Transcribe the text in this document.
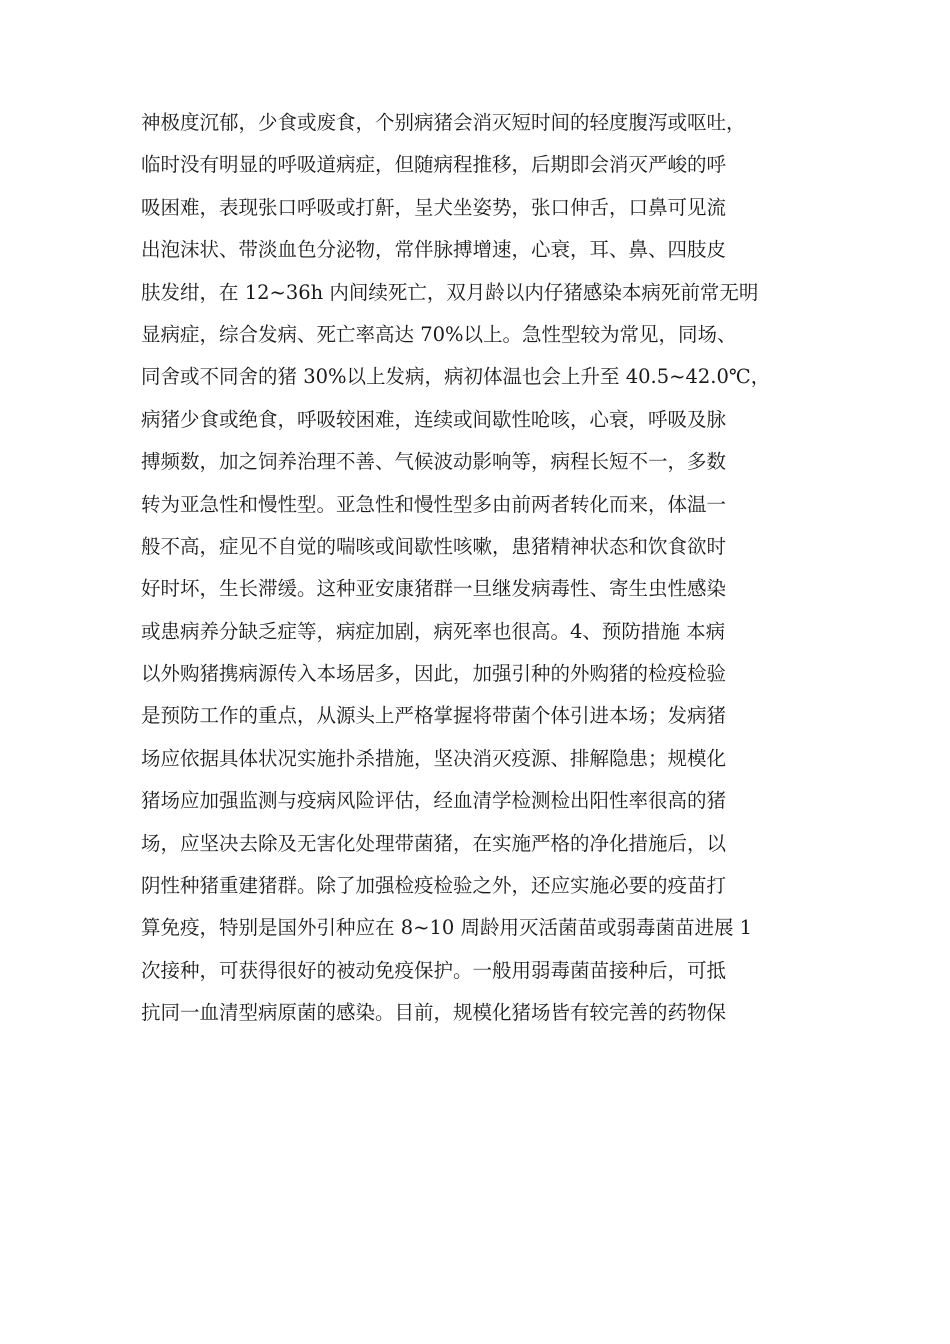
神极度沉郁，少食或废食，个别病猪会消灭短时间的轻度腹泻或呕吐，
临时没有明显的呼吸道病症，但随病程推移，后期即会消灭严峻的呼
吸困难，表现张口呼吸或打鼾，呈犬坐姿势，张口伸舌，口鼻可见流
出泡沫状、带淡血色分泌物，常伴脉搏增速，心衰，耳、鼻、四肢皮
肤发绀，在 12~36h 内间续死亡，双月龄以内仔猪感染本病死前常无明
显病症，综合发病、死亡率高达 70%以上。急性型较为常见，同场、
同舍或不同舍的猪 30%以上发病，病初体温也会上升至 40.5~42.0℃，
病猪少食或绝食，呼吸较困难，连续或间歇性呛咳，心衰，呼吸及脉
搏频数，加之饲养治理不善、气候波动影响等，病程长短不一，多数
转为亚急性和慢性型。亚急性和慢性型多由前两者转化而来，体温一
般不高，症见不自觉的喘咳或间歇性咳嗽，患猪精神状态和饮食欲时
好时坏，生长滞缓。这种亚安康猪群一旦继发病毒性、寄生虫性感染
或患病养分缺乏症等，病症加剧，病死率也很高。4、预防措施 本病
以外购猪携病源传入本场居多，因此，加强引种的外购猪的检疫检验
是预防工作的重点，从源头上严格掌握将带菌个体引进本场；发病猪
场应依据具体状况实施扑杀措施，坚决消灭疫源、排解隐患；规模化
猪场应加强监测与疫病风险评估，经血清学检测检出阳性率很高的猪
场，应坚决去除及无害化处理带菌猪，在实施严格的净化措施后，以
阴性种猪重建猪群。除了加强检疫检验之外，还应实施必要的疫苗打
算免疫，特别是国外引种应在 8~10 周龄用灭活菌苗或弱毒菌苗进展 1
次接种，可获得很好的被动免疫保护。一般用弱毒菌苗接种后，可抵
抗同一血清型病原菌的感染。目前，规模化猪场皆有较完善的药物保
